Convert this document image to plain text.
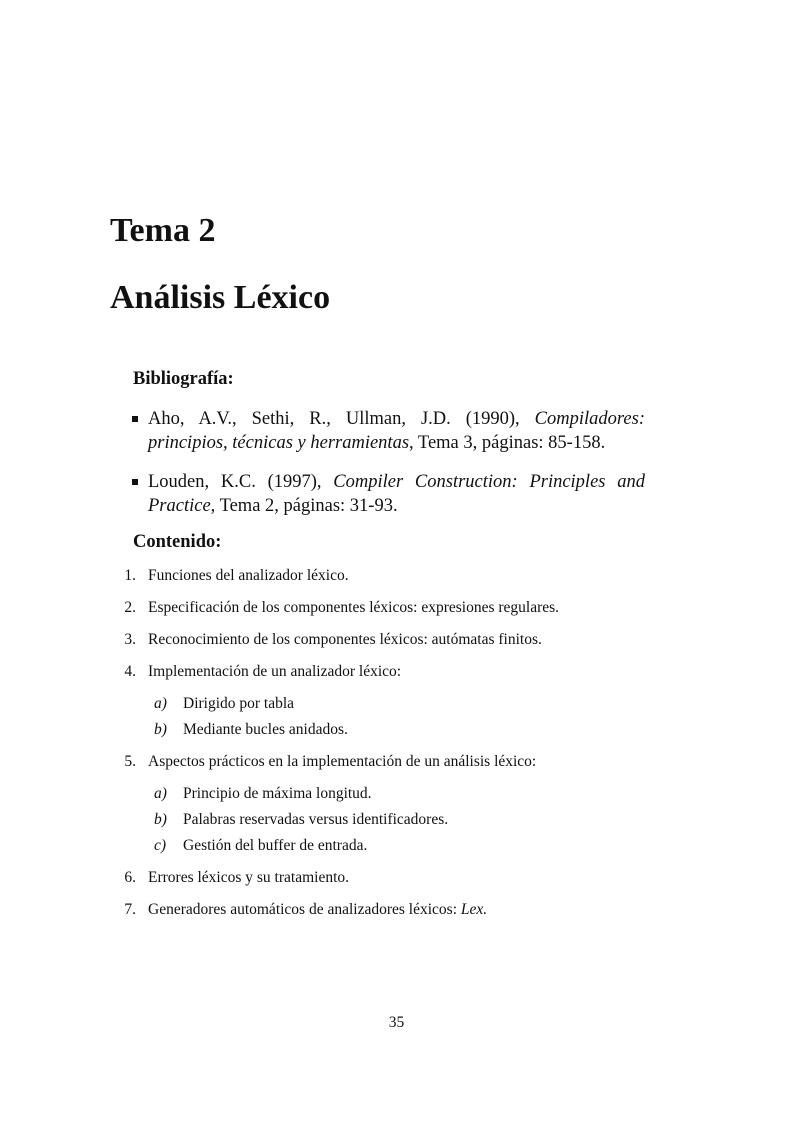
Tema 2
Análisis Léxico
Bibliografía:
Aho, A.V., Sethi, R., Ullman, J.D. (1990), Compiladores: principios, técnicas y herramientas, Tema 3, páginas: 85-158.
Louden, K.C. (1997), Compiler Construction: Principles and Practice, Tema 2, páginas: 31-93.
Contenido:
1. Funciones del analizador léxico.
2. Especificación de los componentes léxicos: expresiones regulares.
3. Reconocimiento de los componentes léxicos: autómatas finitos.
4. Implementación de un analizador léxico:
a) Dirigido por tabla
b) Mediante bucles anidados.
5. Aspectos prácticos en la implementación de un análisis léxico:
a) Principio de máxima longitud.
b) Palabras reservadas versus identificadores.
c) Gestión del buffer de entrada.
6. Errores léxicos y su tratamiento.
7. Generadores automáticos de analizadores léxicos: Lex.
35
